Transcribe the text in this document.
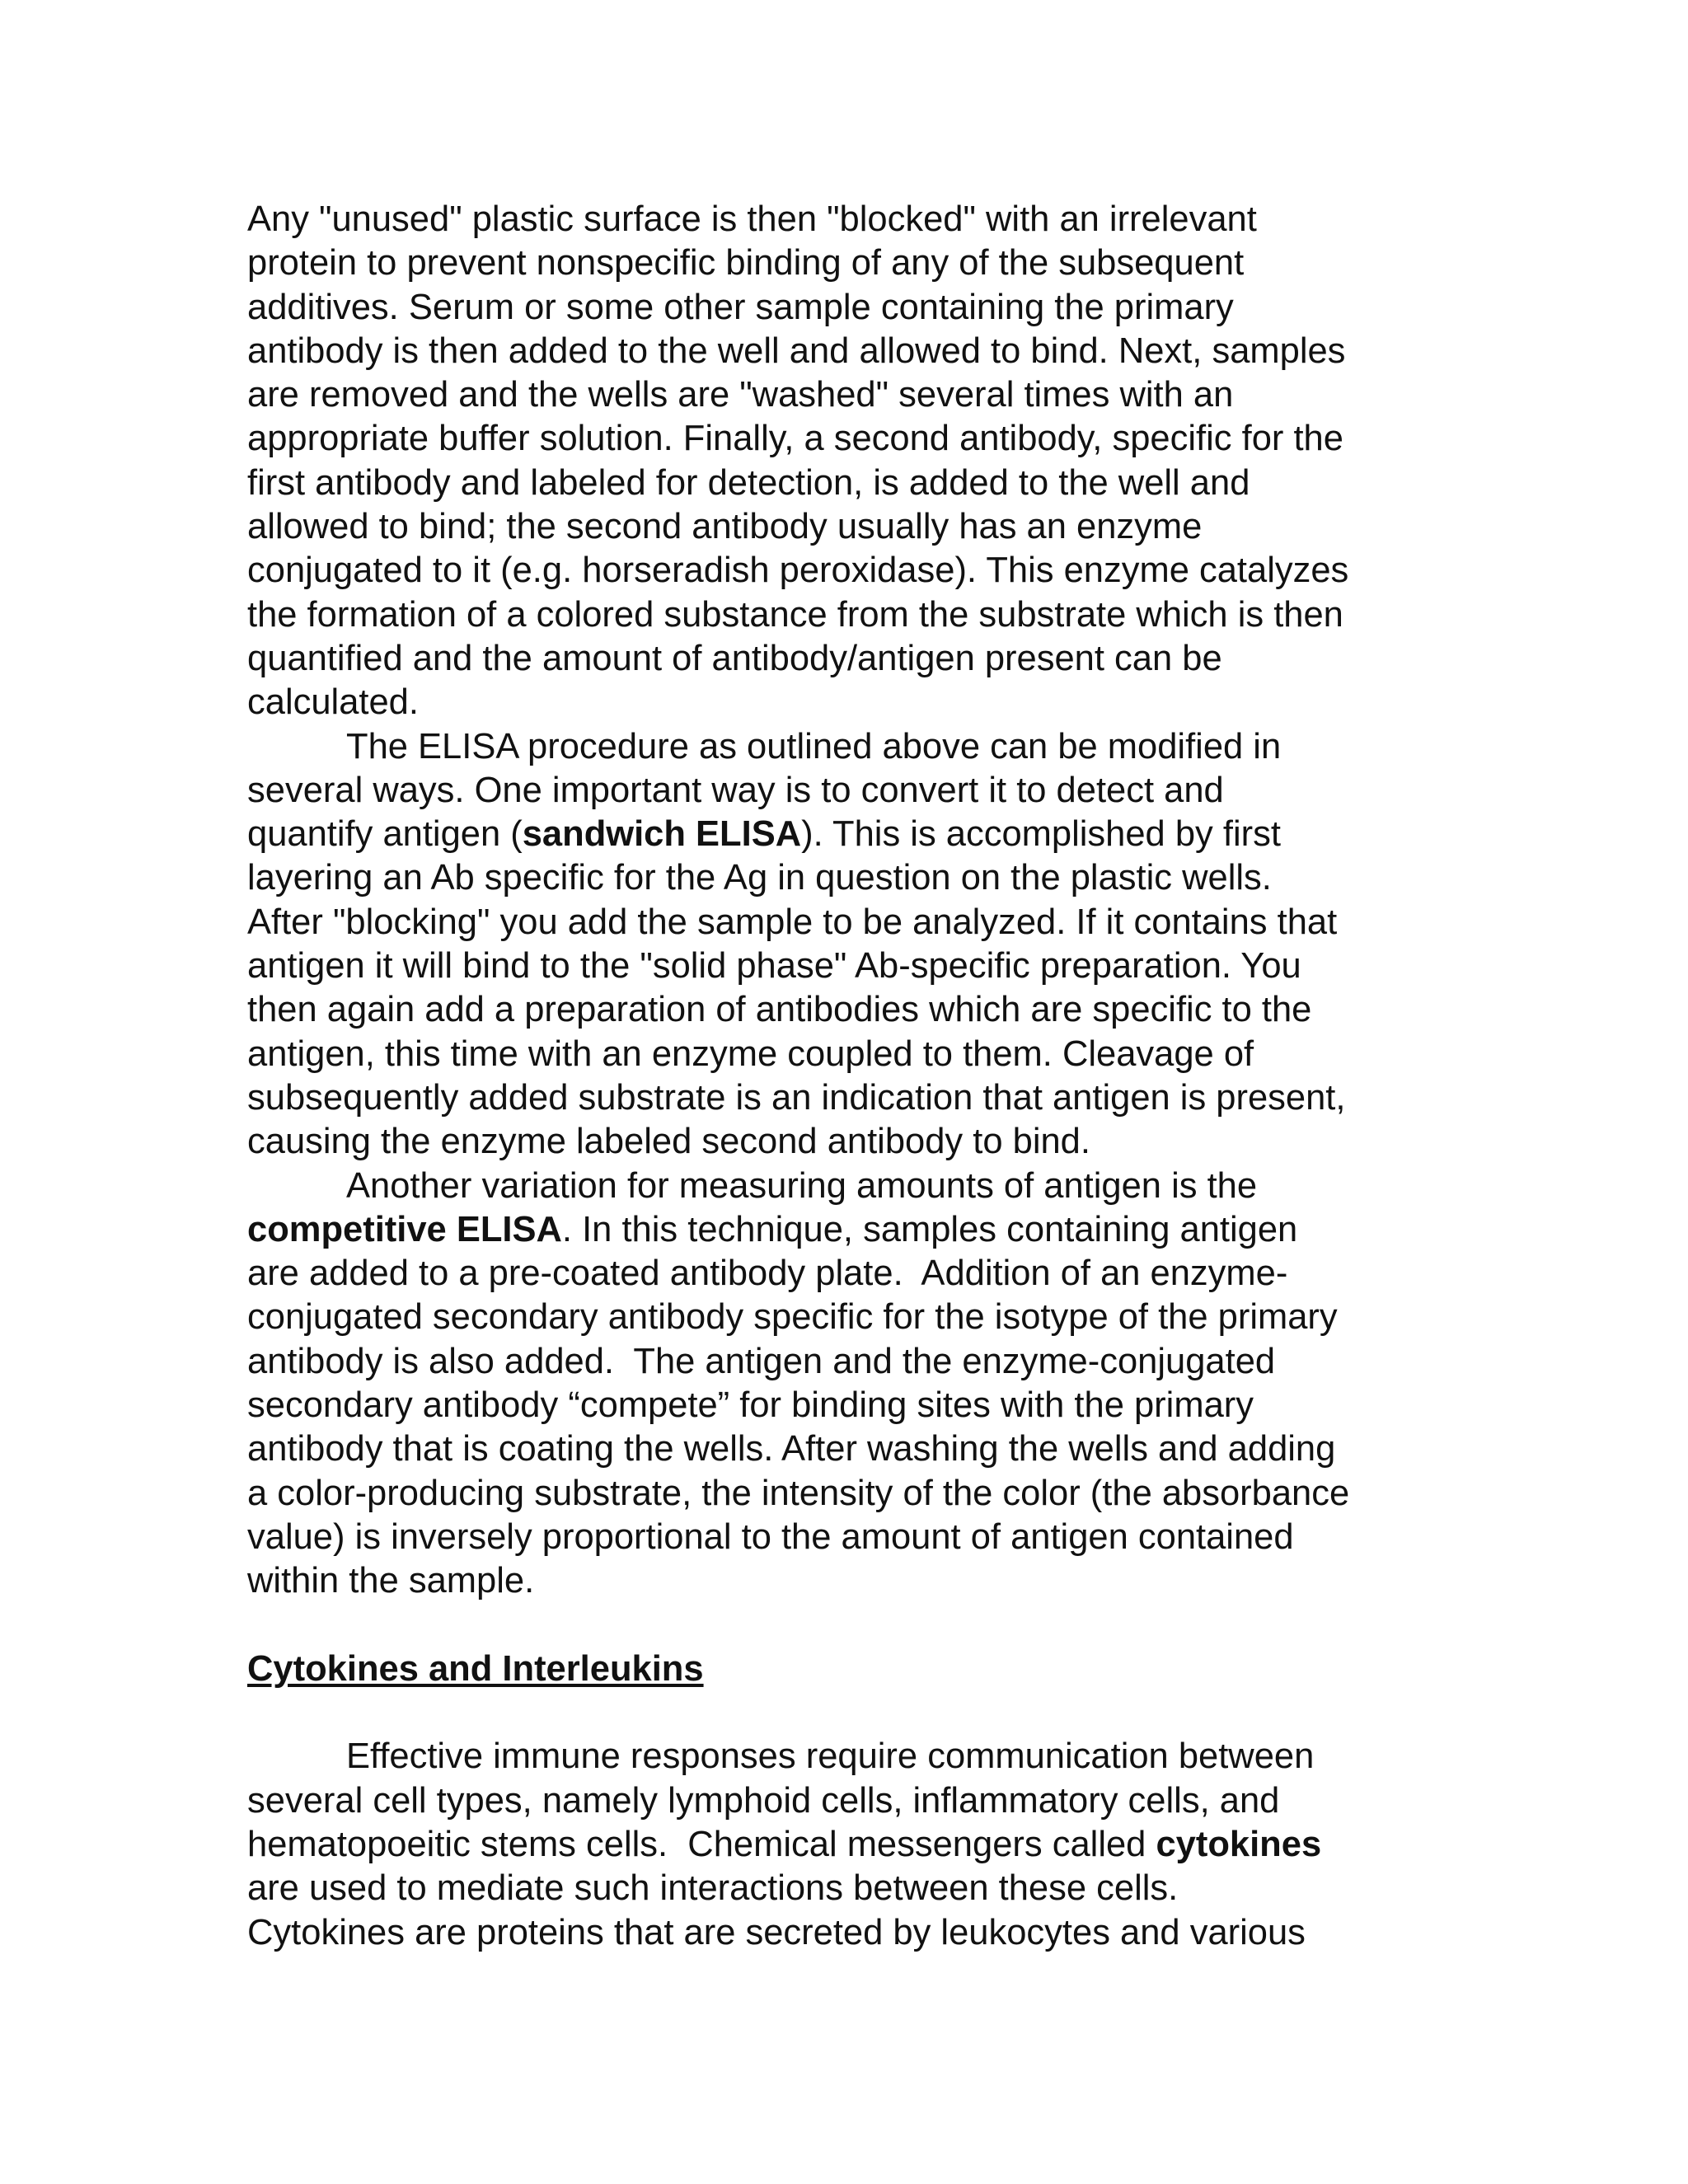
Any "unused" plastic surface is then "blocked" with an irrelevant
protein to prevent nonspecific binding of any of the subsequent
additives. Serum or some other sample containing the primary
antibody is then added to the well and allowed to bind. Next, samples
are removed and the wells are "washed" several times with an
appropriate buffer solution. Finally, a second antibody, specific for the
first antibody and labeled for detection, is added to the well and
allowed to bind; the second antibody usually has an enzyme
conjugated to it (e.g. horseradish peroxidase). This enzyme catalyzes
the formation of a colored substance from the substrate which is then
quantified and the amount of antibody/antigen present can be
calculated.
The ELISA procedure as outlined above can be modified in
several ways. One important way is to convert it to detect and
quantify antigen (sandwich ELISA). This is accomplished by first
layering an Ab specific for the Ag in question on the plastic wells.
After "blocking" you add the sample to be analyzed. If it contains that
antigen it will bind to the "solid phase" Ab-specific preparation. You
then again add a preparation of antibodies which are specific to the
antigen, this time with an enzyme coupled to them. Cleavage of
subsequently added substrate is an indication that antigen is present,
causing the enzyme labeled second antibody to bind.
Another variation for measuring amounts of antigen is the
competitive ELISA. In this technique, samples containing antigen
are added to a pre-coated antibody plate.  Addition of an enzyme-
conjugated secondary antibody specific for the isotype of the primary
antibody is also added.  The antigen and the enzyme-conjugated
secondary antibody “compete” for binding sites with the primary
antibody that is coating the wells. After washing the wells and adding
a color-producing substrate, the intensity of the color (the absorbance
value) is inversely proportional to the amount of antigen contained
within the sample.
Cytokines and Interleukins
Effective immune responses require communication between
several cell types, namely lymphoid cells, inflammatory cells, and
hematopoeitic stems cells.  Chemical messengers called cytokines
are used to mediate such interactions between these cells.
Cytokines are proteins that are secreted by leukocytes and various
